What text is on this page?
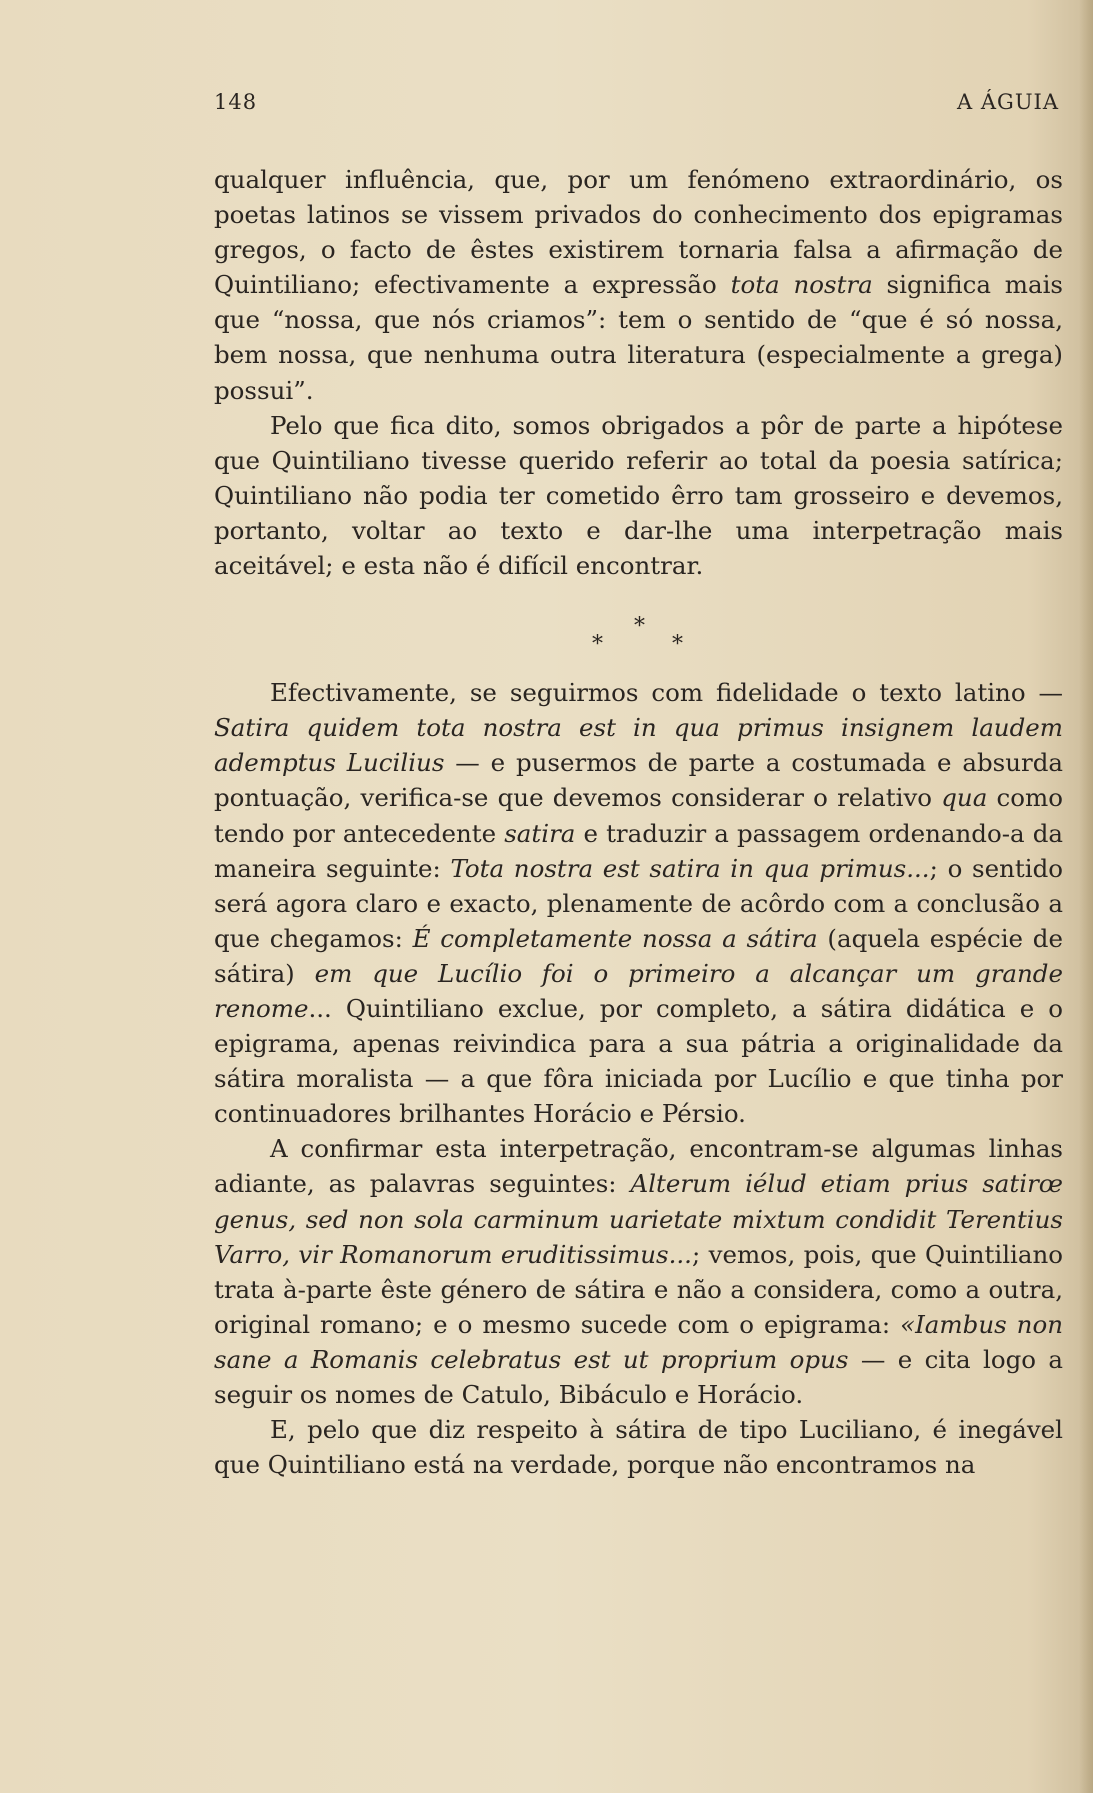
148	A ÁGUIA

qualquer influência, que, por um fenómeno extraordinário, os poetas latinos se vissem privados do conhecimento dos epigramas gregos, o facto de êstes existirem tornaria falsa a afirmação de Quintiliano; efectivamente a expressão tota nostra significa mais que “nossa, que nós criamos”: tem o sentido de “que é só nossa, bem nossa, que nenhuma outra literatura (especialmente a grega) possui”.

Pelo que fica dito, somos obrigados a pôr de parte a hipótese que Quintiliano tivesse querido referir ao total da poesia satírica; Quintiliano não podia ter cometido êrro tam grosseiro e devemos, portanto, voltar ao texto e dar-lhe uma interpetração mais aceitável; e esta não é difícil encontrar.

*
*	*

Efectivamente, se seguirmos com fidelidade o texto latino — Satira quidem tota nostra est in qua primus insignem laudem ademptus Lucilius — e pusermos de parte a costumada e absurda pontuação, verifica-se que devemos considerar o relativo qua como tendo por antecedente satira e traduzir a passagem ordenando-a da maneira seguinte: Tota nostra est satira in qua primus...; o sentido será agora claro e exacto, plenamente de acôrdo com a conclusão a que chegamos: É completamente nossa a sátira (aquela espécie de sátira) em que Lucílio foi o primeiro a alcançar um grande renome... Quintiliano exclue, por completo, a sátira didática e o epigrama, apenas reivindica para a sua pátria a originalidade da sátira moralista — a que fôra iniciada por Lucílio e que tinha por continuadores brilhantes Horácio e Pérsio.

A confirmar esta interpetração, encontram-se algumas linhas adiante, as palavras seguintes: Alterum iélud etiam prius satirœ genus, sed non sola carminum uarietate mixtum condidit Terentius Varro, vir Romanorum eruditissimus...; vemos, pois, que Quintiliano trata à-parte êste género de sátira e não a considera, como a outra, original romano; e o mesmo sucede com o epigrama: «Iambus non sane a Romanis celebratus est ut proprium opus — e cita logo a seguir os nomes de Catulo, Bibáculo e Horácio.

E, pelo que diz respeito à sátira de tipo Luciliano, é inegável que Quintiliano está na verdade, porque não encontramos na
